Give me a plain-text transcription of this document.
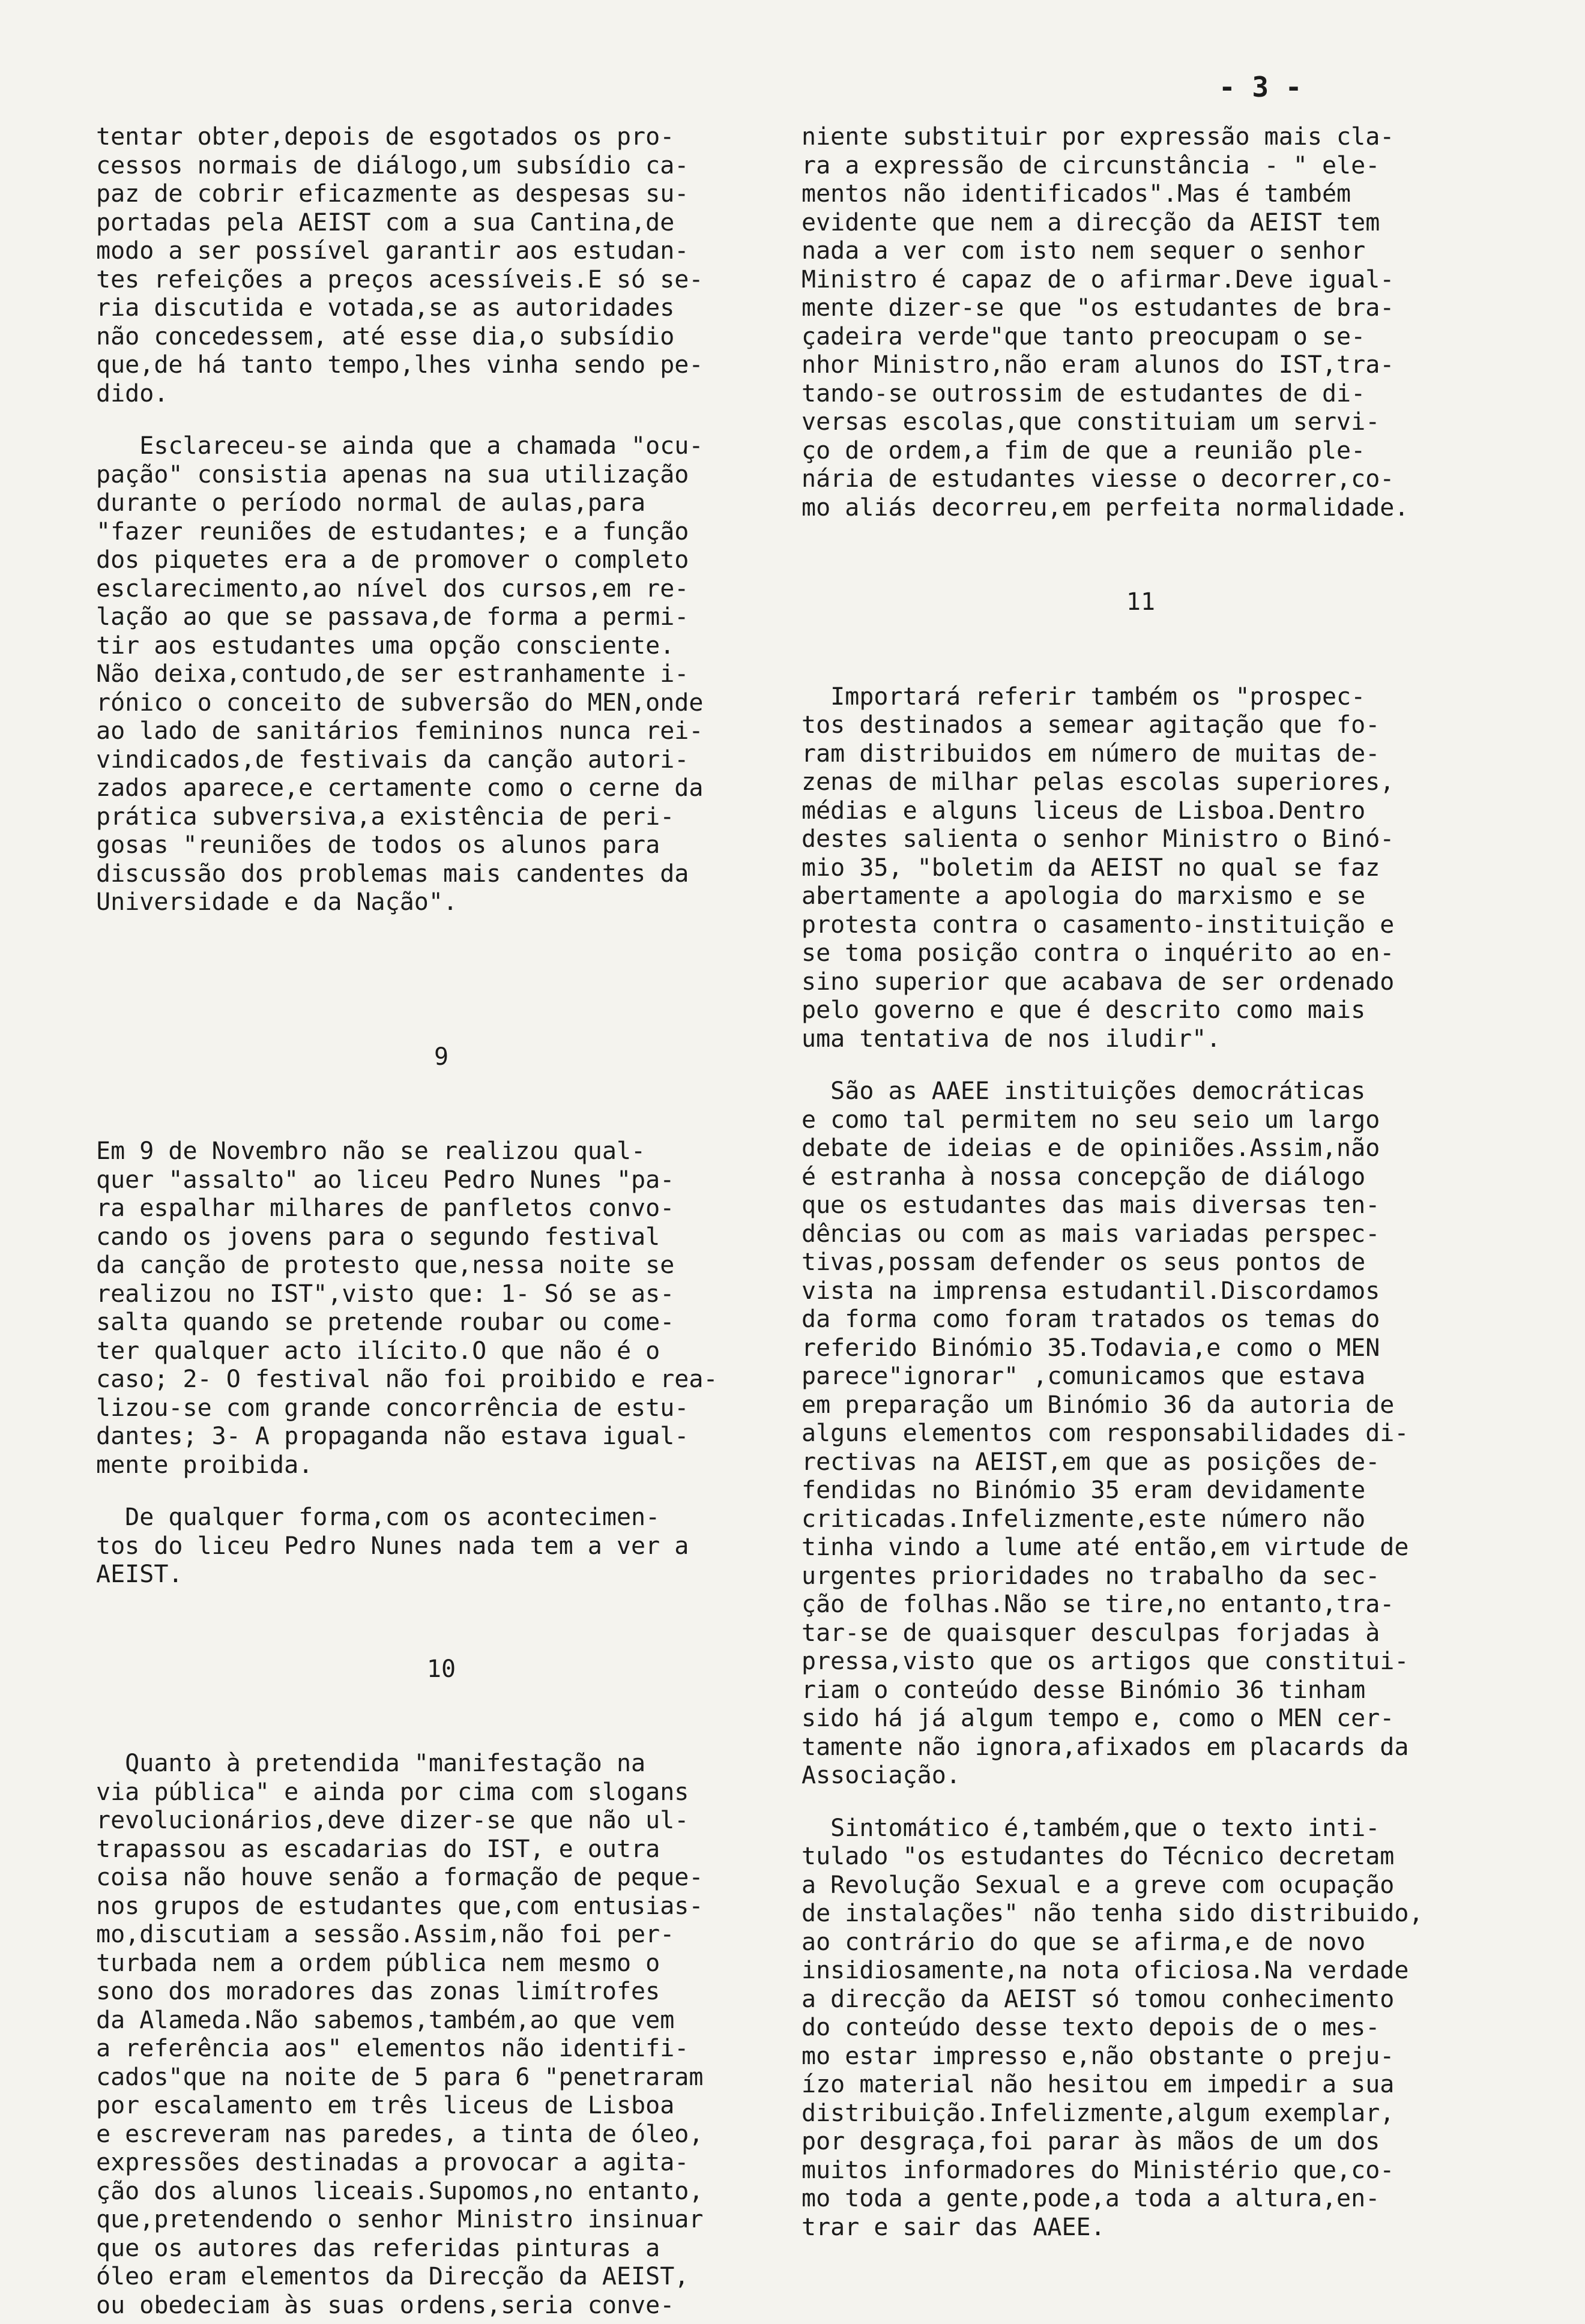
- 3 -
tentar obter,depois de esgotados os pro-
cessos normais de diálogo,um subsídio ca-
paz de cobrir eficazmente as despesas su-
portadas pela AEIST com a sua Cantina,de
modo a ser possível garantir aos estudan-
tes refeições a preços acessíveis.E só se-
ria discutida e votada,se as autoridades
não concedessem, até esse dia,o subsídio
que,de há tanto tempo,lhes vinha sendo pe-
dido.
Esclareceu-se ainda que a chamada "ocu-
pação" consistia apenas na sua utilização
durante o período normal de aulas,para
"fazer reuniões de estudantes; e a função
dos piquetes era a de promover o completo
esclarecimento,ao nível dos cursos,em re-
lação ao que se passava,de forma a permi-
tir aos estudantes uma opção consciente.
Não deixa,contudo,de ser estranhamente i-
rónico o conceito de subversão do MEN,onde
ao lado de sanitários femininos nunca rei-
vindicados,de festivais da canção autori-
zados aparece,e certamente como o cerne da
prática subversiva,a existência de peri-
gosas "reuniões de todos os alunos para
discussão dos problemas mais candentes da
Universidade e da Nação".
9
Em 9 de Novembro não se realizou qual-
quer "assalto" ao liceu Pedro Nunes "pa-
ra espalhar milhares de panfletos convo-
cando os jovens para o segundo festival
da canção de protesto que,nessa noite se
realizou no IST",visto que: 1- Só se as-
salta quando se pretende roubar ou come-
ter qualquer acto ilícito.O que não é o
caso; 2- O festival não foi proibido e rea-
lizou-se com grande concorrência de estu-
dantes; 3- A propaganda não estava igual-
mente proibida.
De qualquer forma,com os acontecimen-
tos do liceu Pedro Nunes nada tem a ver a
AEIST.
10
Quanto à pretendida "manifestação na
via pública" e ainda por cima com slogans
revolucionários,deve dizer-se que não ul-
trapassou as escadarias do IST, e outra
coisa não houve senão a formação de peque-
nos grupos de estudantes que,com entusias-
mo,discutiam a sessão.Assim,não foi per-
turbada nem a ordem pública nem mesmo o
sono dos moradores das zonas limítrofes
da Alameda.Não sabemos,também,ao que vem
a referência aos" elementos não identifi-
cados"que na noite de 5 para 6 "penetraram
por escalamento em três liceus de Lisboa
e escreveram nas paredes, a tinta de óleo,
expressões destinadas a provocar a agita-
ção dos alunos liceais.Supomos,no entanto,
que,pretendendo o senhor Ministro insinuar
que os autores das referidas pinturas a
óleo eram elementos da Direcção da AEIST,
ou obedeciam às suas ordens,seria conve-
niente substituir por expressão mais cla-
ra a expressão de circunstância - " ele-
mentos não identificados".Mas é também
evidente que nem a direcção da AEIST tem
nada a ver com isto nem sequer o senhor
Ministro é capaz de o afirmar.Deve igual-
mente dizer-se que "os estudantes de bra-
çadeira verde"que tanto preocupam o se-
nhor Ministro,não eram alunos do IST,tra-
tando-se outrossim de estudantes de di-
versas escolas,que constituiam um servi-
ço de ordem,a fim de que a reunião ple-
nária de estudantes viesse o decorrer,co-
mo aliás decorreu,em perfeita normalidade.
11
Importará referir também os "prospec-
tos destinados a semear agitação que fo-
ram distribuidos em número de muitas de-
zenas de milhar pelas escolas superiores,
médias e alguns liceus de Lisboa.Dentro
destes salienta o senhor Ministro o Binó-
mio 35, "boletim da AEIST no qual se faz
abertamente a apologia do marxismo e se
protesta contra o casamento-instituição e
se toma posição contra o inquérito ao en-
sino superior que acabava de ser ordenado
pelo governo e que é descrito como mais
uma tentativa de nos iludir".
São as AAEE instituições democráticas
e como tal permitem no seu seio um largo
debate de ideias e de opiniões.Assim,não
é estranha à nossa concepção de diálogo
que os estudantes das mais diversas ten-
dências ou com as mais variadas perspec-
tivas,possam defender os seus pontos de
vista na imprensa estudantil.Discordamos
da forma como foram tratados os temas do
referido Binómio 35.Todavia,e como o MEN
parece"ignorar" ,comunicamos que estava
em preparação um Binómio 36 da autoria de
alguns elementos com responsabilidades di-
rectivas na AEIST,em que as posições de-
fendidas no Binómio 35 eram devidamente
criticadas.Infelizmente,este número não
tinha vindo a lume até então,em virtude de
urgentes prioridades no trabalho da sec-
ção de folhas.Não se tire,no entanto,tra-
tar-se de quaisquer desculpas forjadas à
pressa,visto que os artigos que constitui-
riam o conteúdo desse Binómio 36 tinham
sido há já algum tempo e, como o MEN cer-
tamente não ignora,afixados em placards da
Associação.
Sintomático é,também,que o texto inti-
tulado "os estudantes do Técnico decretam
a Revolução Sexual e a greve com ocupação
de instalações" não tenha sido distribuido,
ao contrário do que se afirma,e de novo
insidiosamente,na nota oficiosa.Na verdade
a direcção da AEIST só tomou conhecimento
do conteúdo desse texto depois de o mes-
mo estar impresso e,não obstante o preju-
ízo material não hesitou em impedir a sua
distribuição.Infelizmente,algum exemplar,
por desgraça,foi parar às mãos de um dos
muitos informadores do Ministério que,co-
mo toda a gente,pode,a toda a altura,en-
trar e sair das AAEE.
